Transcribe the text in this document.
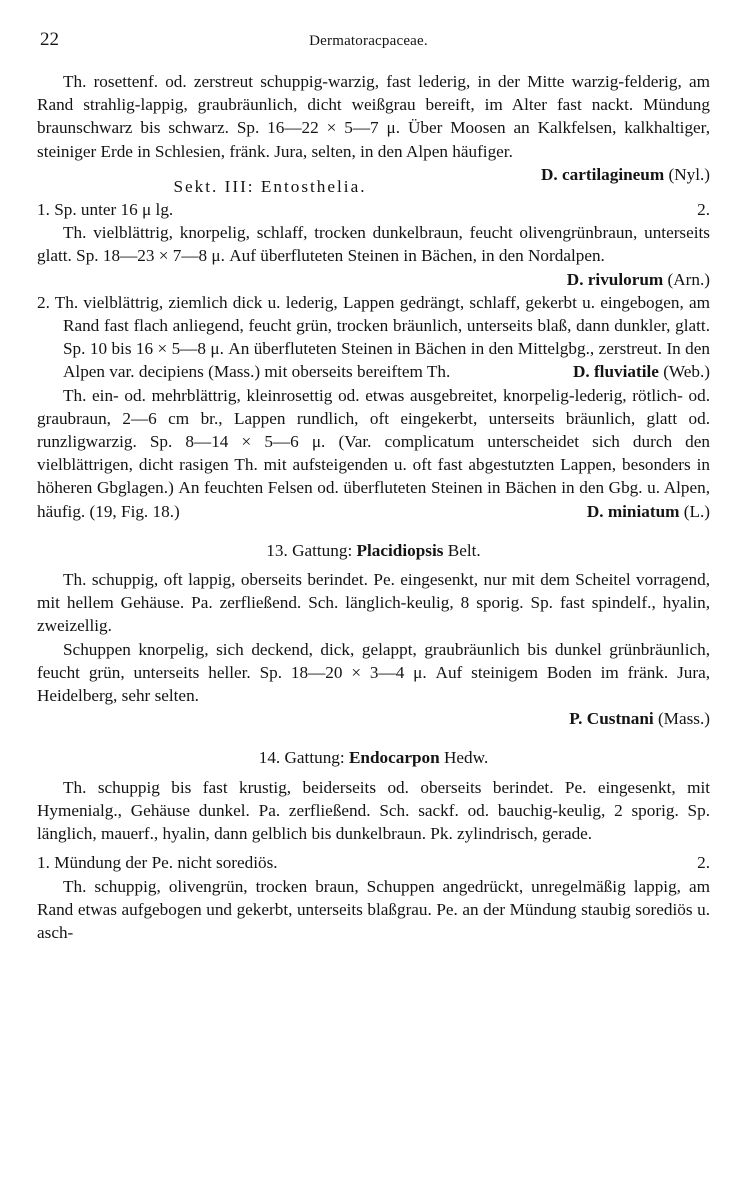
22	Dermatoracpaceae.

Th. rosettenf. od. zerstreut schuppig-warzig, fast lederig, in der Mitte warzig-felderig, am Rand strahlig-lappig, graubräunlich, dicht weißgrau bereift, im Alter fast nackt. Mündung braunschwarz bis schwarz. Sp. 16—22 × 5—7 μ. Über Moosen an Kalkfelsen, kalkhaltiger, steiniger Erde in Schlesien, fränk. Jura, selten, in den Alpen häufiger.
D. cartilagineum (Nyl.)

Sekt. III: Entosthelia.

1. Sp. unter 16 μ lg.	2.

Th. vielblättrig, knorpelig, schlaff, trocken dunkelbraun, feucht olivengrünbraun, unterseits glatt. Sp. 18—23 × 7—8 μ. Auf überfluteten Steinen in Bächen, in den Nordalpen.

D. rivulorum (Arn.)

2. Th. vielblättrig, ziemlich dick u. lederig, Lappen gedrängt, schlaff, gekerbt u. eingebogen, am Rand fast flach anliegend, feucht grün, trocken bräunlich, unterseits blaß, dann dunkler, glatt. Sp. 10 bis 16 × 5—8 μ. An überfluteten Steinen in Bächen in den Mittelgbg., zerstreut. In den Alpen var. decipiens (Mass.) mit oberseits bereiftem Th.	D. fluviatile (Web.)

Th. ein- od. mehrblättrig, kleinrosettig od. etwas ausgebreitet, knorpelig-lederig, rötlich- od. graubraun, 2—6 cm br., Lappen rundlich, oft eingekerbt, unterseits bräunlich, glatt od. runzligwarzig. Sp. 8—14 × 5—6 μ. (Var. complicatum unterscheidet sich durch den vielblättrigen, dicht rasigen Th. mit aufsteigenden u. oft fast abgestutzten Lappen, besonders in höheren Gbglagen.) An feuchten Felsen od. überfluteten Steinen in Bächen in den Gbg. u. Alpen, häufig. (19, Fig. 18.)	D. miniatum (L.)

13. Gattung: Placidiopsis Belt.

Th. schuppig, oft lappig, oberseits berindet. Pe. eingesenkt, nur mit dem Scheitel vorragend, mit hellem Gehäuse. Pa. zerfließend. Sch. länglich-keulig, 8 sporig. Sp. fast spindelf., hyalin, zweizellig.

Schuppen knorpelig, sich deckend, dick, gelappt, graubräunlich bis dunkel grünbräunlich, feucht grün, unterseits heller. Sp. 18—20 × 3—4 μ. Auf steinigem Boden im fränk. Jura, Heidelberg, sehr selten.

P. Custnani (Mass.)

14. Gattung: Endocarpon Hedw.

Th. schuppig bis fast krustig, beiderseits od. oberseits berindet. Pe. eingesenkt, mit Hymenialg., Gehäuse dunkel. Pa. zerfließend. Sch. sackf. od. bauchig-keulig, 2 sporig. Sp. länglich, mauerf., hyalin, dann gelblich bis dunkelbraun. Pk. zylindrisch, gerade.

1. Mündung der Pe. nicht sorediös.	2.

Th. schuppig, olivengrün, trocken braun, Schuppen angedrückt, unregelmäßig lappig, am Rand etwas aufgebogen und gekerbt, unterseits blaßgrau. Pe. an der Mündung staubig sorediös u. asch-
